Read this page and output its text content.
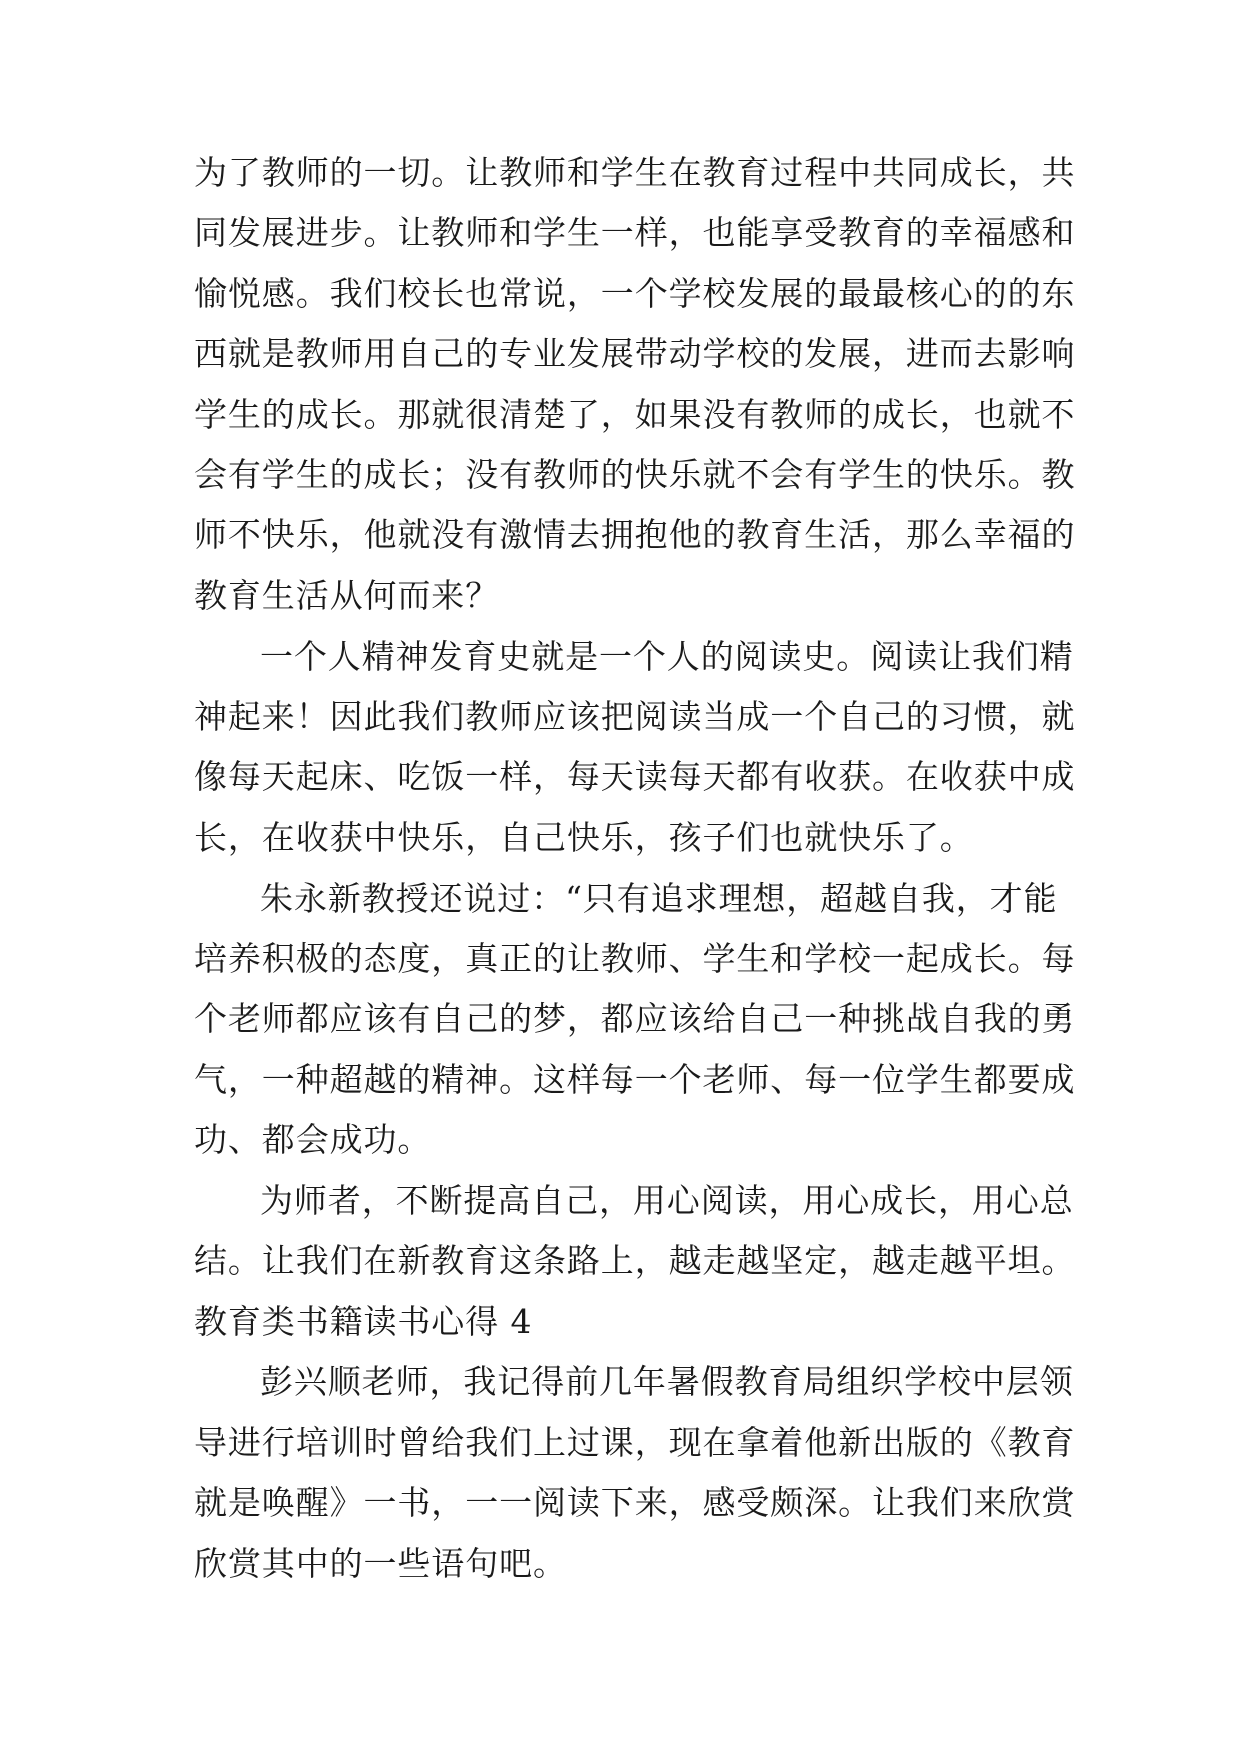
为了教师的一切。让教师和学生在教育过程中共同成长，共
同发展进步。让教师和学生一样，也能享受教育的幸福感和
愉悦感。我们校长也常说，一个学校发展的最最核心的的东
西就是教师用自己的专业发展带动学校的发展，进而去影响
学生的成长。那就很清楚了，如果没有教师的成长，也就不
会有学生的成长；没有教师的快乐就不会有学生的快乐。教
师不快乐，他就没有激情去拥抱他的教育生活，那么幸福的
教育生活从何而来？
一个人精神发育史就是一个人的阅读史。阅读让我们精
神起来！因此我们教师应该把阅读当成一个自己的习惯，就
像每天起床、吃饭一样，每天读每天都有收获。在收获中成
长，在收获中快乐，自己快乐，孩子们也就快乐了。
朱永新教授还说过：“只有追求理想，超越自我，才能
培养积极的态度，真正的让教师、学生和学校一起成长。每
个老师都应该有自己的梦，都应该给自己一种挑战自我的勇
气，一种超越的精神。这样每一个老师、每一位学生都要成
功、都会成功。
为师者，不断提高自己，用心阅读，用心成长，用心总
结。让我们在新教育这条路上，越走越坚定，越走越平坦。
教育类书籍读书心得 4
彭兴顺老师，我记得前几年暑假教育局组织学校中层领
导进行培训时曾给我们上过课，现在拿着他新出版的《教育
就是唤醒》一书，一一阅读下来，感受颇深。让我们来欣赏
欣赏其中的一些语句吧。
